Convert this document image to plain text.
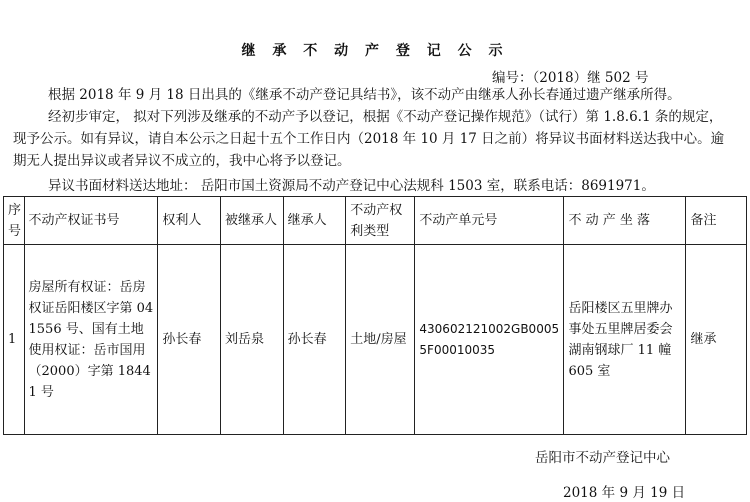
继 承 不 动 产 登 记 公 示
编号：（2018）继 502 号
根据 2018 年 9 月 18 日出具的《继承不动产登记具结书》，该不动产由继承人孙长春通过遗产继承所得。
经初步审定， 拟对下列涉及继承的不动产予以登记，根据《不动产登记操作规范》（试行）第 1.8.6.1 条的规定，
现予公示。如有异议，请自本公示之日起十五个工作日内（2018 年 10 月 17 日之前）将异议书面材料送达我中心。逾
期无人提出异议或者异议不成立的，我中心将予以登记。
异议书面材料送达地址： 岳阳市国土资源局不动产登记中心法规科 1503 室，联系电话：8691971。
序号	不动产权证书号	权利人	被继承人	继承人	不动产权利类型	不动产单元号	不 动 产 坐 落	备注
1	房屋所有权证：岳房权证岳阳楼区字第 041556 号、国有土地使用权证：岳市国用（2000）字第 18441 号	孙长春	刘岳泉	孙长春	土地/房屋	430602121002GB00055F00010035	岳阳楼区五里牌办事处五里牌居委会湖南钢球厂 11 幢 605 室	继承
岳阳市不动产登记中心
2018 年 9 月 19 日
